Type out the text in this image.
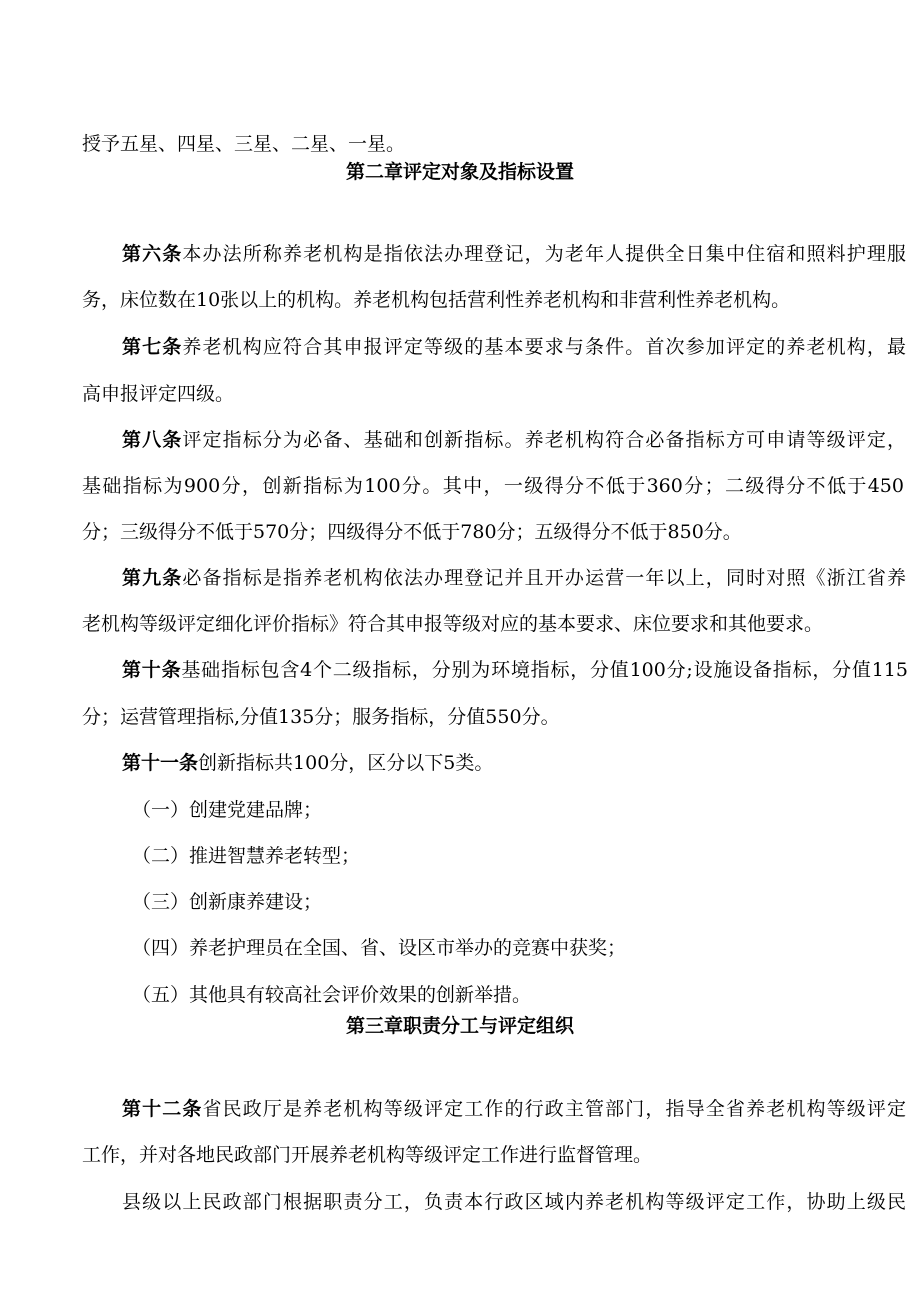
授予五星、四星、三星、二星、一星。
第二章评定对象及指标设置
第六条本办法所称养老机构是指依法办理登记，为老年人提供全日集中住宿和照料护理服
务，床位数在10张以上的机构。养老机构包括营利性养老机构和非营利性养老机构。
第七条养老机构应符合其申报评定等级的基本要求与条件。首次参加评定的养老机构，最
高申报评定四级。
第八条评定指标分为必备、基础和创新指标。养老机构符合必备指标方可申请等级评定，
基础指标为900分，创新指标为100分。其中，一级得分不低于360分；二级得分不低于450
分；三级得分不低于570分；四级得分不低于780分；五级得分不低于850分。
第九条必备指标是指养老机构依法办理登记并且开办运营一年以上，同时对照《浙江省养
老机构等级评定细化评价指标》符合其申报等级对应的基本要求、床位要求和其他要求。
第十条基础指标包含4个二级指标，分别为环境指标，分值100分;设施设备指标，分值115
分；运营管理指标,分值135分；服务指标，分值550分。
第十一条创新指标共100分，区分以下5类。
（一）创建党建品牌；
（二）推进智慧养老转型；
（三）创新康养建设；
（四）养老护理员在全国、省、设区市举办的竞赛中获奖；
（五）其他具有较高社会评价效果的创新举措。
第三章职责分工与评定组织
第十二条省民政厅是养老机构等级评定工作的行政主管部门，指导全省养老机构等级评定
工作，并对各地民政部门开展养老机构等级评定工作进行监督管理。
县级以上民政部门根据职责分工，负责本行政区域内养老机构等级评定工作，协助上级民
